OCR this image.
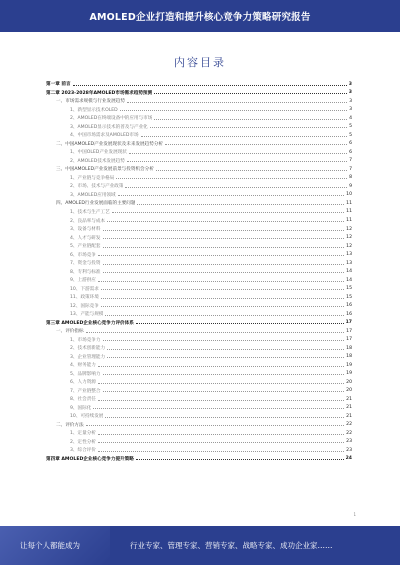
AMOLED企业打造和提升核心竞争力策略研究报告
内容目录
第一章 前言	3
第二章 2023-2028年AMOLED市场需求趋势预测	3
一、市场需求规模与行业发展趋势	3
1、新型显示技术OLED	3
2、AMOLED在终端设备中的应用与市场	4
3、AMOLED显示技术的普及与产业化	5
4、中国市场需求及AMOLED市场	5
二、中国AMOLED产业发展现状及未来发展趋势分析	6
1、中国OLED产业发展现状	6
2、AMOLED技术发展趋势	7
三、中国AMOLED产业发展前景与投资机会分析	7
1、产业链与竞争格局	8
2、市场、技术与产业政策	9
3、AMOLED应用领域	10
四、AMOLED行业发展面临的主要问题	11
1、技术与生产工艺	11
2、良品率与成本	11
3、设备与材料	12
4、人才与研发	12
5、产业链配套	12
6、市场竞争	13
7、资金与投资	13
8、专利与标准	14
9、上游供应	14
10、下游需求	15
11、政策环境	15
12、国际竞争	16
13、产能与规模	16
第三章 AMOLED企业核心竞争力评价体系	17
一、评价指标	17
1、市场竞争力	17
2、技术创新能力	18
3、企业管理能力	18
4、财务能力	19
5、品牌影响力	19
6、人力资源	20
7、产业链整合	20
8、社会责任	21
9、国际化	21
10、可持续发展	21
二、评价方法	22
1、定量分析	22
2、定性分析	23
3、综合评价	23
第四章 AMOLED企业核心竞争力提升策略	24
1
让每个人都能成为	行业专家、管理专家、营销专家、战略专家、成功企业家……
